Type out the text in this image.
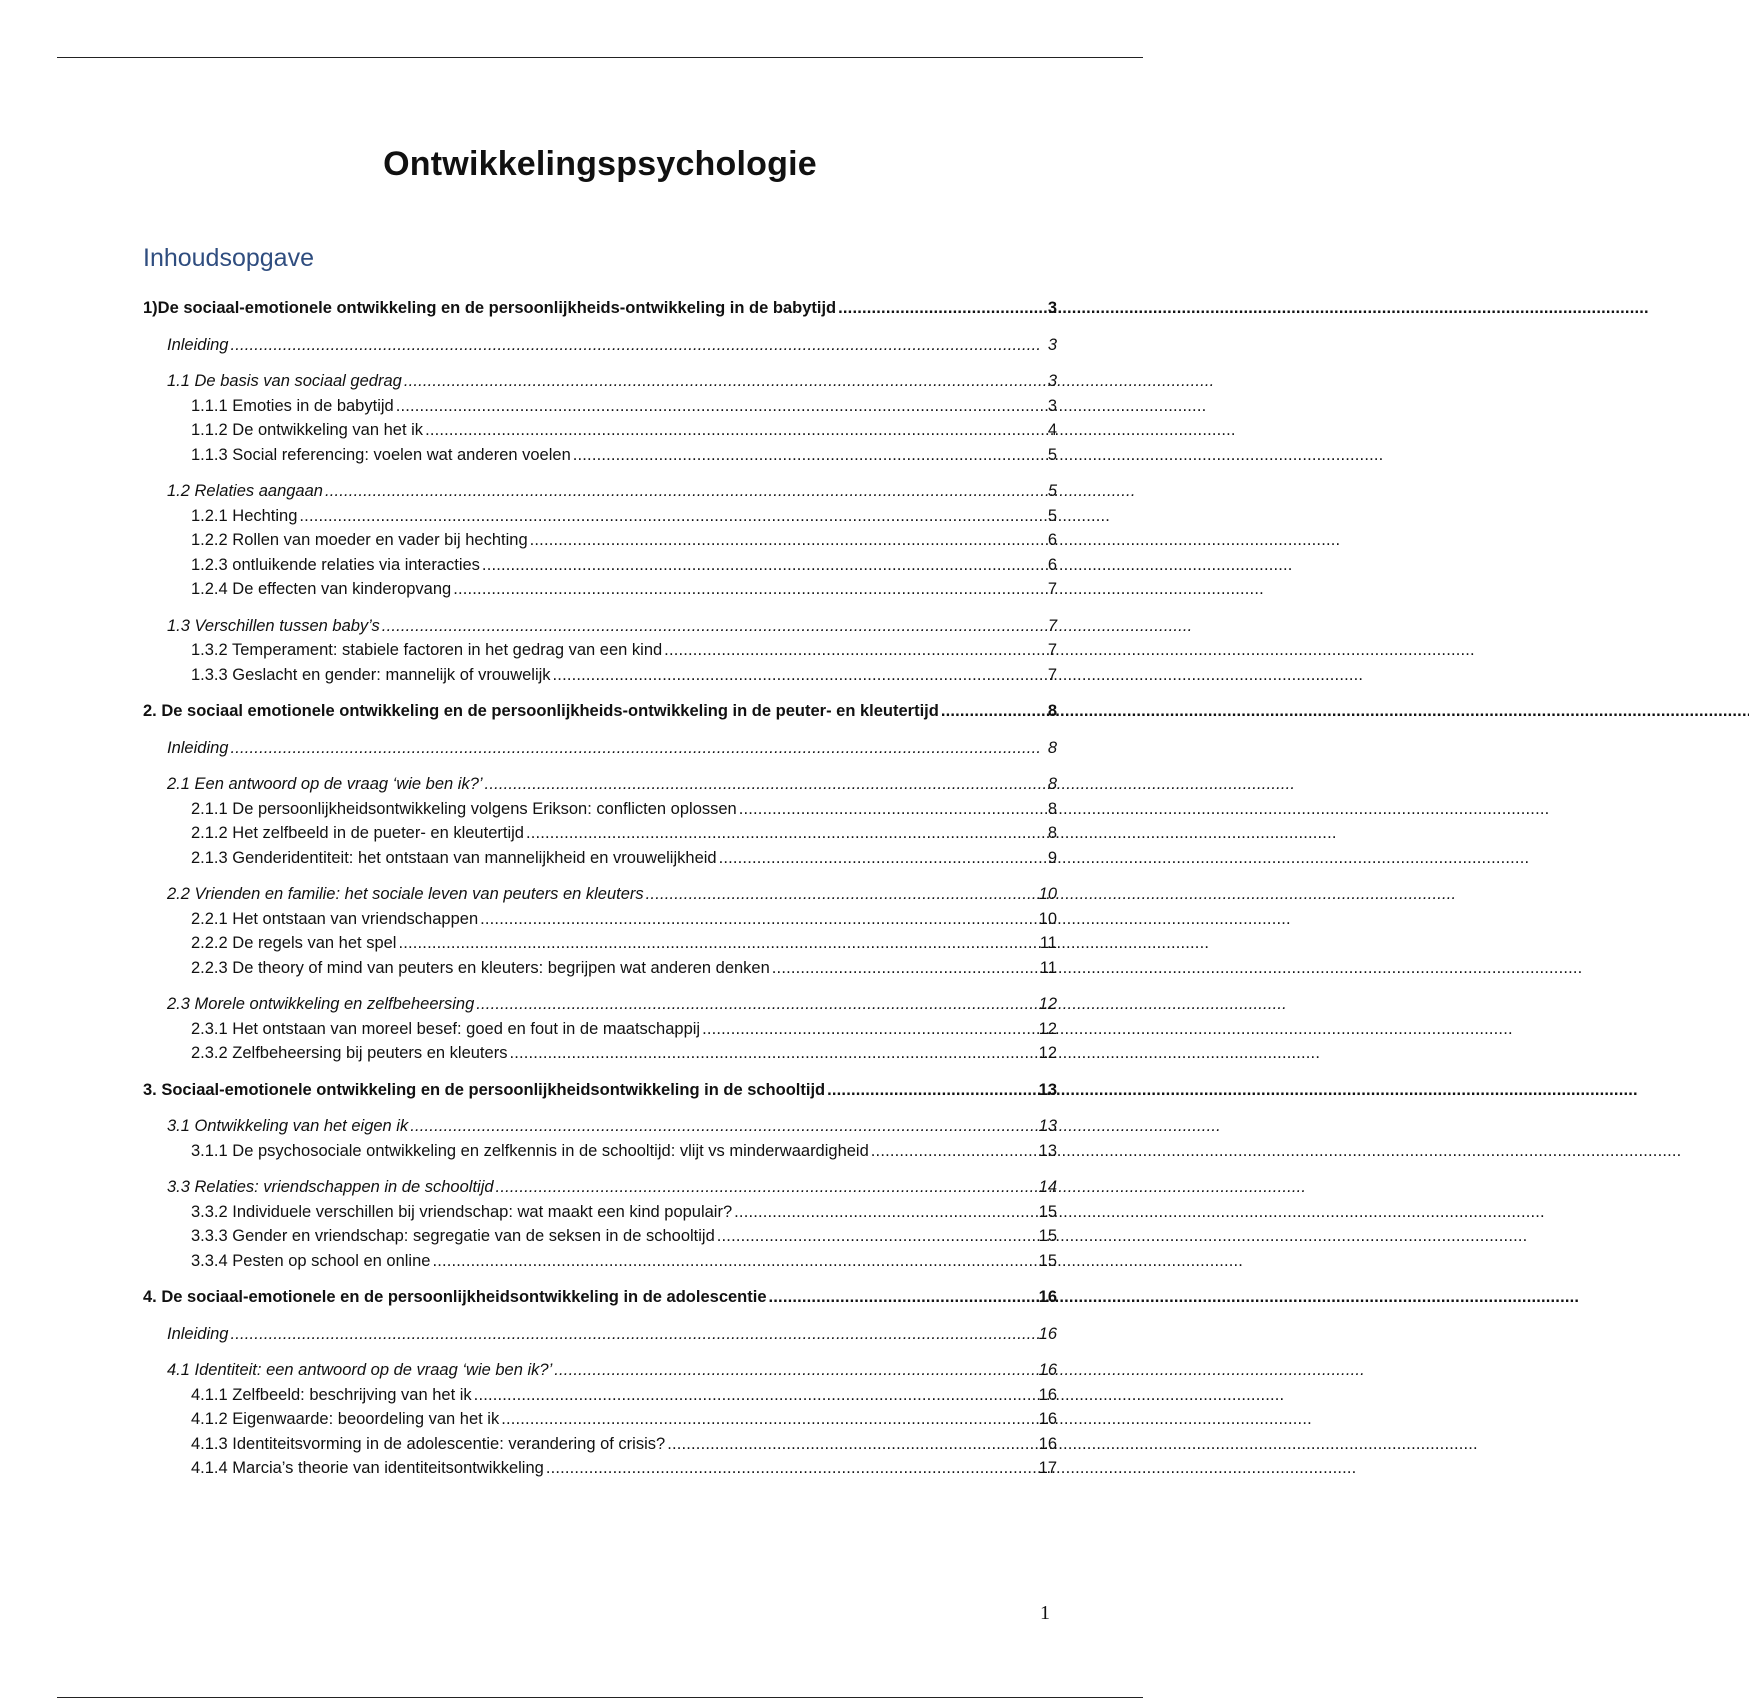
Ontwikkelingspsychologie
Inhoudsopgave
1) De sociaal-emotionele ontwikkeling en de persoonlijkheids-ontwikkeling in de babytijd . . .	3
Inleiding . . .	3
1.1 De basis van sociaal gedrag . . .	3
1.1.1 Emoties in de babytijd . . .	3
1.1.2 De ontwikkeling van het ik . . .	4
1.1.3 Social referencing: voelen wat anderen voelen . . .	5
1.2 Relaties aangaan . . .	5
1.2.1 Hechting . . .	5
1.2.2 Rollen van moeder en vader bij hechting . . .	6
1.2.3 ontluikende relaties via interacties . . .	6
1.2.4 De effecten van kinderopvang . . .	7
1.3 Verschillen tussen baby’s . . .	7
1.3.2 Temperament: stabiele factoren in het gedrag van een kind . . .	7
1.3.3 Geslacht en gender: mannelijk of vrouwelijk . . .	7
2. De sociaal emotionele ontwikkeling en de persoonlijkheids-ontwikkeling in de peuter- en kleutertijd . . .	8
Inleiding . . .	8
2.1 Een antwoord op de vraag ‘wie ben ik?’ . . .	8
2.1.1 De persoonlijkheidsontwikkeling volgens Erikson: conflicten oplossen . . .	8
2.1.2 Het zelfbeeld in de pueter- en kleutertijd . . .	8
2.1.3 Genderidentiteit: het ontstaan van mannelijkheid en vrouwelijkheid . . .	9
2.2 Vrienden en familie: het sociale leven van peuters en kleuters . . .	10
2.2.1 Het ontstaan van vriendschappen . . .	10
2.2.2 De regels van het spel . . .	11
2.2.3 De theory of mind van peuters en kleuters: begrijpen wat anderen denken . . .	11
2.3 Morele ontwikkeling en zelfbeheersing . . .	12
2.3.1 Het ontstaan van moreel besef: goed en fout in de maatschappij . . .	12
2.3.2 Zelfbeheersing bij peuters en kleuters . . .	12
3. Sociaal-emotionele ontwikkeling en de persoonlijkheidsontwikkeling in de schooltijd . . .	13
3.1 Ontwikkeling van het eigen ik . . .	13
3.1.1 De psychosociale ontwikkeling en zelfkennis in de schooltijd: vlijt vs minderwaardigheid . . .	13
3.3 Relaties: vriendschappen in de schooltijd . . .	14
3.3.2 Individuele verschillen bij vriendschap: wat maakt een kind populair? . . .	15
3.3.3 Gender en vriendschap: segregatie van de seksen in de schooltijd . . .	15
3.3.4 Pesten op school en online . . .	15
4. De sociaal-emotionele en de persoonlijkheidsontwikkeling in de adolescentie . . .	16
Inleiding . . .	16
4.1 Identiteit: een antwoord op de vraag ‘wie ben ik?’ . . .	16
4.1.1 Zelfbeeld: beschrijving van het ik . . .	16
4.1.2 Eigenwaarde: beoordeling van het ik . . .	16
4.1.3 Identiteitsvorming in de adolescentie: verandering of crisis? . . .	16
4.1.4 Marcia’s theorie van identiteitsontwikkeling . . .	17
1
